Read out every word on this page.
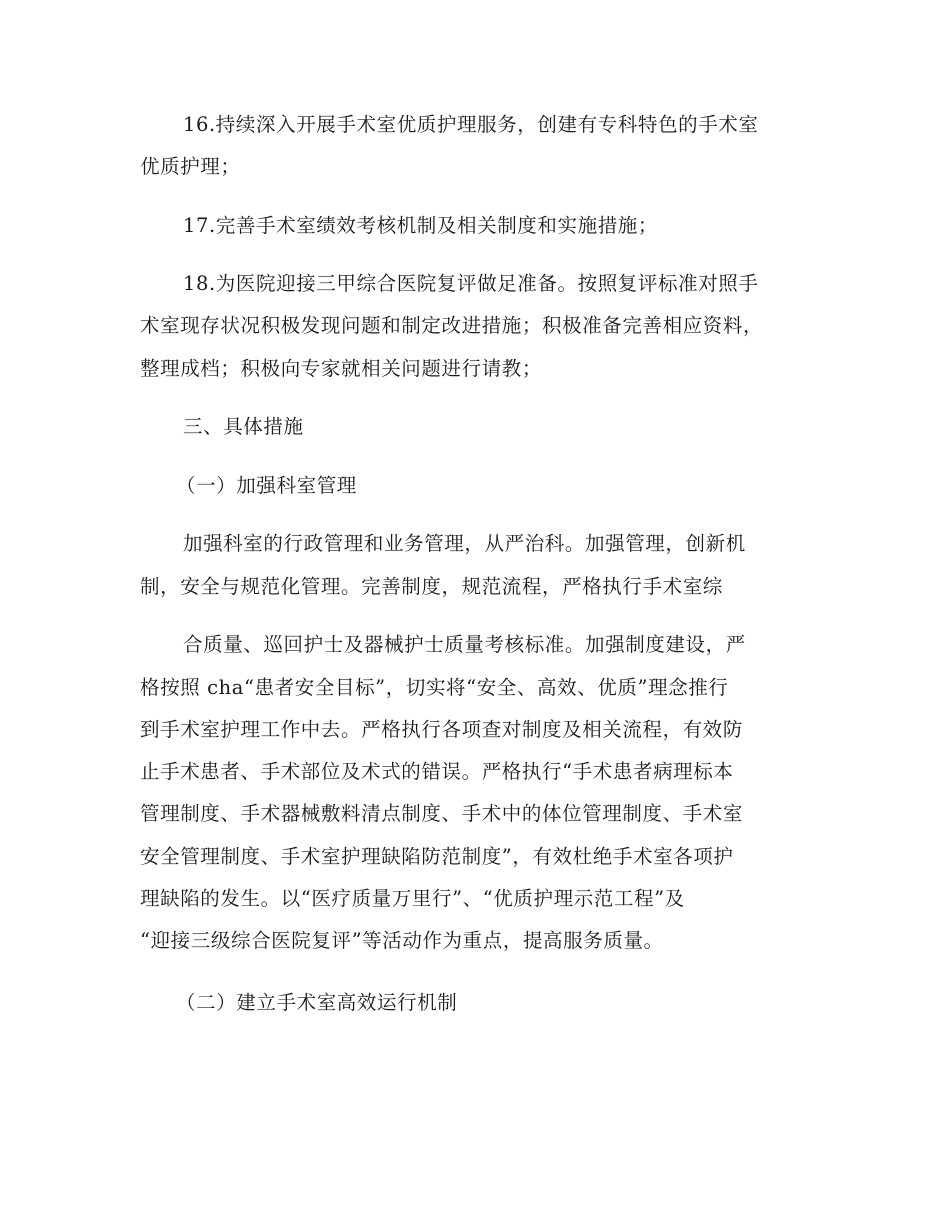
16.持续深入开展手术室优质护理服务，创建有专科特色的手术室
优质护理；
17.完善手术室绩效考核机制及相关制度和实施措施；
18.为医院迎接三甲综合医院复评做足准备。按照复评标准对照手
术室现存状况积极发现问题和制定改进措施；积极准备完善相应资料，
整理成档；积极向专家就相关问题进行请教；
三、具体措施
（一）加强科室管理
加强科室的行政管理和业务管理，从严治科。加强管理，创新机
制，安全与规范化管理。完善制度，规范流程，严格执行手术室综
合质量、巡回护士及器械护士质量考核标准。加强制度建设，严
格按照 cha“患者安全目标”，切实将“安全、高效、优质”理念推行
到手术室护理工作中去。严格执行各项查对制度及相关流程，有效防
止手术患者、手术部位及术式的错误。严格执行“手术患者病理标本
管理制度、手术器械敷料清点制度、手术中的体位管理制度、手术室
安全管理制度、手术室护理缺陷防范制度”，有效杜绝手术室各项护
理缺陷的发生。以“医疗质量万里行”、“优质护理示范工程”及
“迎接三级综合医院复评”等活动作为重点，提高服务质量。
（二）建立手术室高效运行机制
